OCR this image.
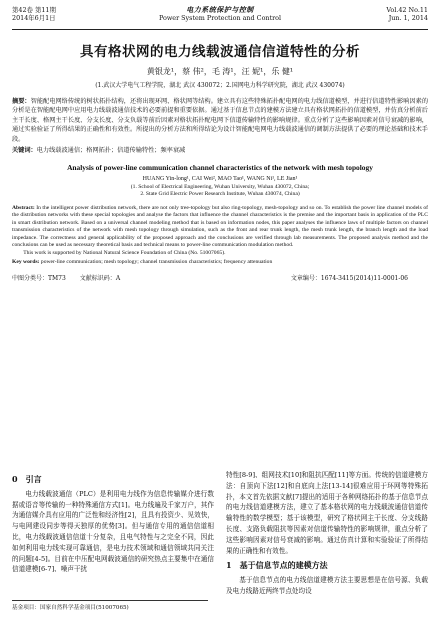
第42卷 第11期
2014年6月1日
电力系统保护与控制
Power System Protection and Control
Vol.42 No.11
Jun. 1, 2014
具有格状网的电力线载波通信信道特性的分析
黄银龙¹，蔡 伟²，毛 涛¹，汪 妮¹，乐 健¹
(1.武汉大学电气工程学院，湖北 武汉 430072；2.国网电力科学研究院，湖北 武汉 430074)
摘要：智能配电网络传统的树状拓扑结构，还将出现环网、格状网等结构。建立具有这些特殊拓扑配电网的电力线信道模型，并进行信道特性影响因素的分析是在智能配电网中应用电力线载波通信技术的必要前提和重要依据。通过基于信息节点的建模方法建立具有格状网拓扑的信道模型，并仿真分析前后主干长度、格网主干长度、分支长度、分支负载等前后因素对格状拓扑配电网下信道传输特性的影响规律。重点分析了这些影响因素对信号衰减的影响，通过实验验证了所得结果的正确性和有效性。所提出的分析方法和所得结论为设计智能配电网电力线载波通信的调制方法提供了必要的理论基础和技术手段。
关键词：电力线载波通信；格网拓扑；信道传输特性；频率衰减
Analysis of power-line communication channel characteristics of the network with mesh topology
HUANG Yin-long¹, CAI Wei², MAO Tao¹, WANG Ni¹, LE Jian¹
(1. School of Electrical Engineering, Wuhan University, Wuhan 430072, China;
2. State Grid Electric Power Research Institute, Wuhan 430074, China)
Abstract: In the intelligent power distribution network, there are not only tree-topology but also ring-topology, mesh-topology and so on. To establish the power line channel models of the distribution networks with these special topologies and analyse the factors that influence the channel characteristics is the premise and the important basis in application of the PLC in smart distribution network. Based on a universal channel modeling method that is based on information nodes, this paper analyses the influence laws of multiple factors on channel transmission characteristics of the network with mesh topology through simulation, such as the front and rear trunk length, the mesh trunk length, the branch length and the load impedance. The correctness and general applicability of the proposed approach and the conclusions are verified through lab measurements. The proposed analysis method and the conclusions can be used as necessary theoretical basis and technical means to power-line communication modulation method.
This work is supported by National Natural Science Foundation of China (No. 51007065).
Key words: power-line communication; mesh topology; channel transmission characteristics; frequency attenuation
中图分类号：TM73 文献标识码：A	文章编号：1674-3415(2014)11-0001-06
0　引言

电力线载波通信（PLC）是利用电力线作为信息传输媒介进行数据或语音等传输的一种特殊通信方式[1]。电力线遍及千家万户，其作为通信媒介具有应用的广泛性和经济性[2]，且具有投资少、见效快，与电网建设同步等得天独厚的优势[3]。但与通信专用的通信信道相比，电力线载波通信信道十分复杂，且电气特性与之完全不同，因此如何利用电力线实现可靠通信，是电力技术领域和通信领域共同关注的问题[4-5]。目前在中压配电网载波通信的研究热点主要集中在通信信道建模[6-7]、噪声干扰

特性[8-9]、组网技术[10]和阻抗匹配[11]等方面。传统的信道建模方法：自顶向下法[12]和自底向上法[13-14]很难应用于环网等特殊拓扑，本文首先依据文献[7]提出的适用于各种网络拓扑的基于信息节点的电力线信道建模方法，建立了基本格状网的电力线载波通信信道传输特性的数学模型；基于该模型，研究了格状网主干长度、分支线路长度、支路负载阻抗等因素对信道传输特性的影响规律，重点分析了这些影响因素对信号衰减的影响。通过仿真计算和实验验证了所得结果的正确性和有效性。

1　基于信息节点的建模方法

基于信息节点的电力线信道建模方法主要思想是在信号源、负载及电力线路近两终节点处均设

基金项目：国家自然科学基金项目(51007065)
